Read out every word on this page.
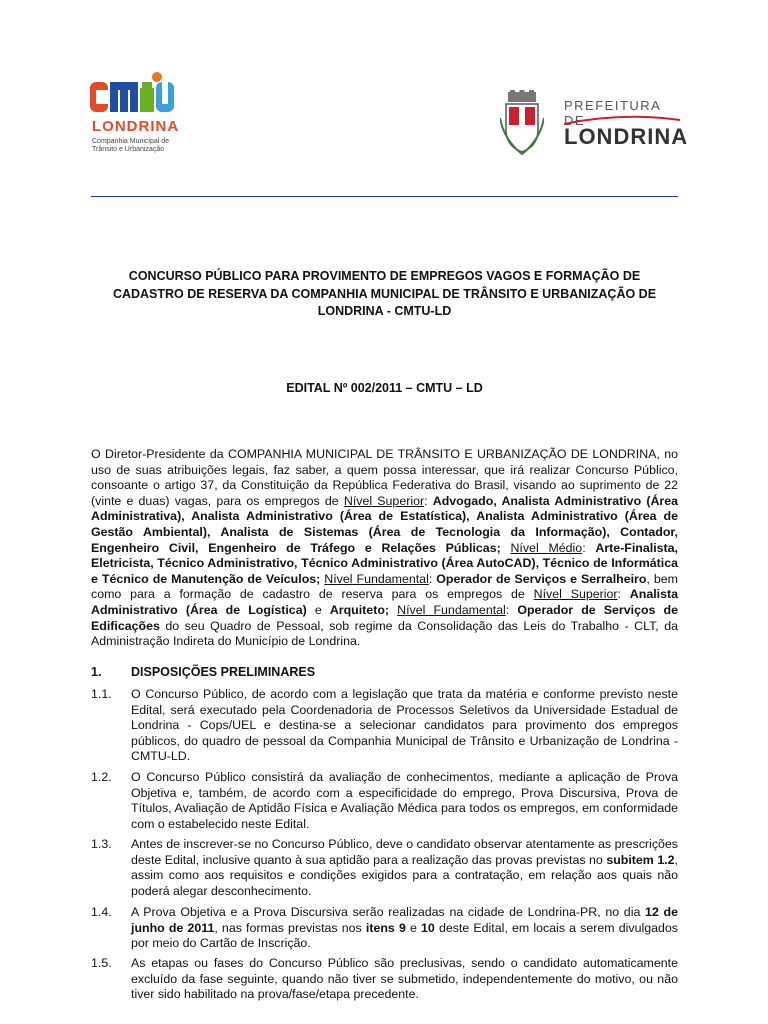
LONDRINA
Companhia Municipal de
Trânsito e Urbanização
PREFEITURA DE
LONDRINA
CONCURSO PÚBLICO PARA PROVIMENTO DE EMPREGOS VAGOS E FORMAÇÃO DE
CADASTRO DE RESERVA DA COMPANHIA MUNICIPAL DE TRÂNSITO E URBANIZAÇÃO DE
LONDRINA - CMTU-LD
EDITAL Nº 002/2011 – CMTU – LD
O Diretor-Presidente da COMPANHIA MUNICIPAL DE TRÂNSITO E URBANIZAÇÃO DE LONDRINA, no uso de suas atribuições legais, faz saber, a quem possa interessar, que irá realizar Concurso Público, consoante o artigo 37, da Constituição da República Federativa do Brasil, visando ao suprimento de 22 (vinte e duas) vagas, para os empregos de Nível Superior: Advogado, Analista Administrativo (Área Administrativa), Analista Administrativo (Área de Estatística), Analista Administrativo (Área de Gestão Ambiental), Analista de Sistemas (Área de Tecnologia da Informação), Contador, Engenheiro Civil, Engenheiro de Tráfego e Relações Públicas; Nível Médio: Arte-Finalista, Eletricista, Técnico Administrativo, Técnico Administrativo (Área AutoCAD), Técnico de Informática e Técnico de Manutenção de Veículos; Nível Fundamental: Operador de Serviços e Serralheiro, bem como para a formação de cadastro de reserva para os empregos de Nível Superior: Analista Administrativo (Área de Logística) e Arquiteto; Nível Fundamental: Operador de Serviços de Edificações do seu Quadro de Pessoal, sob regime da Consolidação das Leis do Trabalho - CLT, da Administração Indireta do Município de Londrina.
1. DISPOSIÇÕES PRELIMINARES
1.1.	O Concurso Público, de acordo com a legislação que trata da matéria e conforme previsto neste Edital, será executado pela Coordenadoria de Processos Seletivos da Universidade Estadual de Londrina - Cops/UEL e destina-se a selecionar candidatos para provimento dos empregos públicos, do quadro de pessoal da Companhia Municipal de Trânsito e Urbanização de Londrina - CMTU-LD.
1.2.	O Concurso Público consistirá da avaliação de conhecimentos, mediante a aplicação de Prova Objetiva e, também, de acordo com a especificidade do emprego, Prova Discursiva, Prova de Títulos, Avaliação de Aptidão Física e Avaliação Médica para todos os empregos, em conformidade com o estabelecido neste Edital.
1.3.	Antes de inscrever-se no Concurso Público, deve o candidato observar atentamente as prescrições deste Edital, inclusive quanto à sua aptidão para a realização das provas previstas no subitem 1.2, assim como aos requisitos e condições exigidos para a contratação, em relação aos quais não poderá alegar desconhecimento.
1.4.	A Prova Objetiva e a Prova Discursiva serão realizadas na cidade de Londrina-PR, no dia 12 de junho de 2011, nas formas previstas nos itens 9 e 10 deste Edital, em locais a serem divulgados por meio do Cartão de Inscrição.
1.5.	As etapas ou fases do Concurso Público são preclusivas, sendo o candidato automaticamente excluído da fase seguinte, quando não tiver se submetido, independentemente do motivo, ou não tiver sido habilitado na prova/fase/etapa precedente.
